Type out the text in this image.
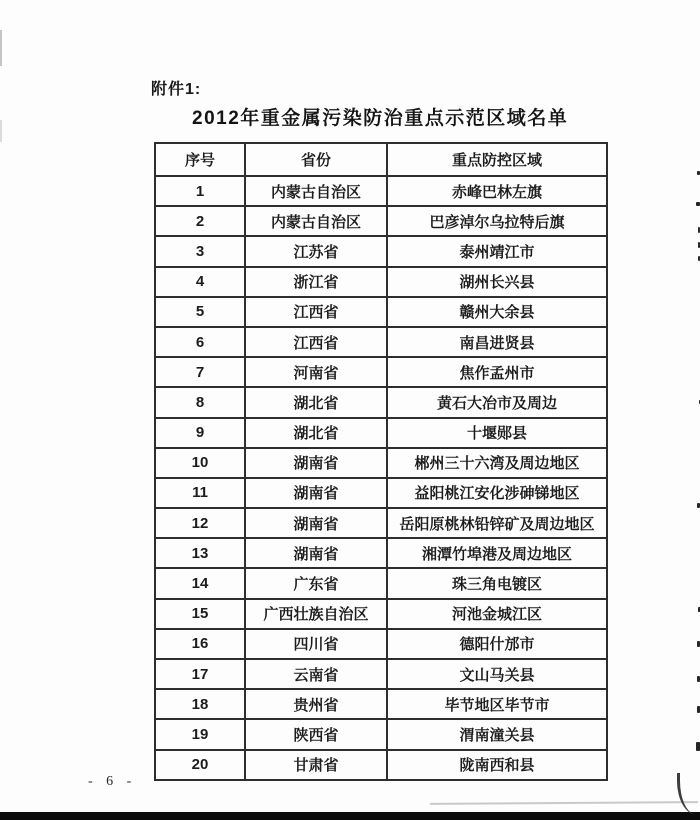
附件1:
2012年重金属污染防治重点示范区域名单
序号	省份	重点防控区域
1	内蒙古自治区	赤峰巴林左旗
2	内蒙古自治区	巴彦淖尔乌拉特后旗
3	江苏省	泰州靖江市
4	浙江省	湖州长兴县
5	江西省	赣州大余县
6	江西省	南昌进贤县
7	河南省	焦作孟州市
8	湖北省	黄石大冶市及周边
9	湖北省	十堰郧县
10	湖南省	郴州三十六湾及周边地区
11	湖南省	益阳桃江安化涉砷锑地区
12	湖南省	岳阳原桃林铅锌矿及周边地区
13	湖南省	湘潭竹埠港及周边地区
14	广东省	珠三角电镀区
15	广西壮族自治区	河池金城江区
16	四川省	德阳什邡市
17	云南省	文山马关县
18	贵州省	毕节地区毕节市
19	陕西省	渭南潼关县
20	甘肃省	陇南西和县
- 6 -
